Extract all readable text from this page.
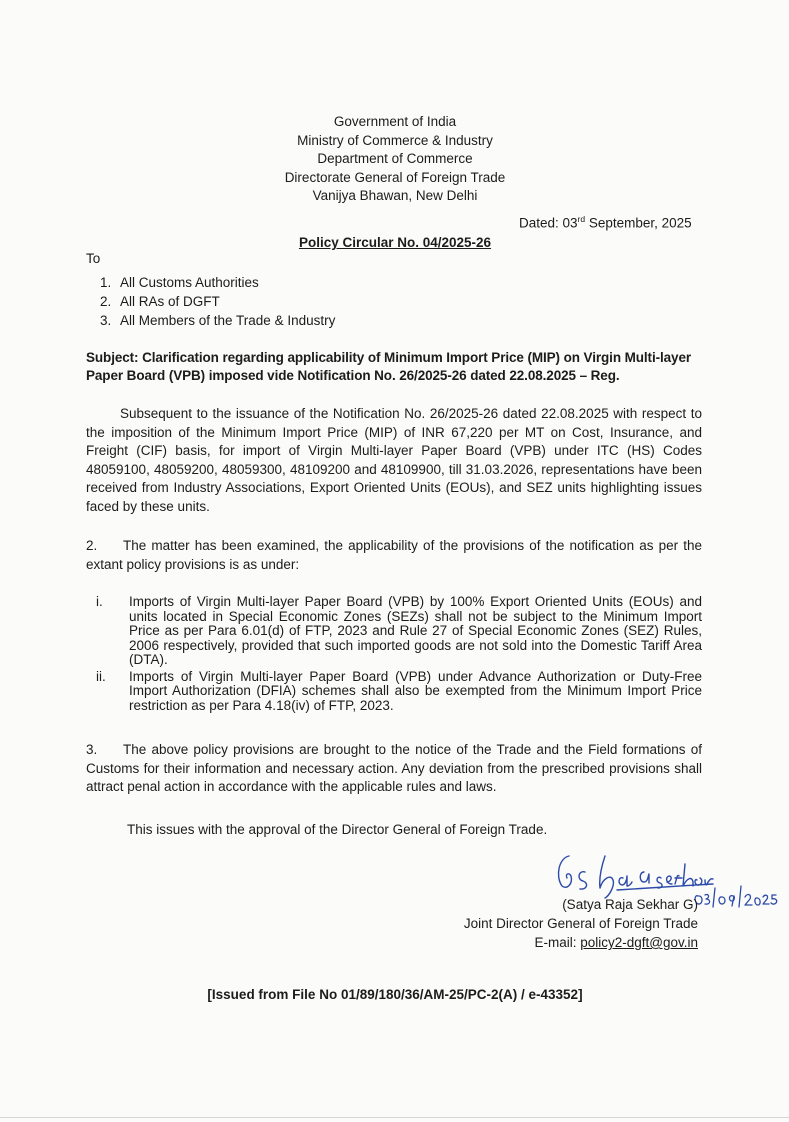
Government of India
Ministry of Commerce & Industry
Department of Commerce
Directorate General of Foreign Trade
Vanijya Bhawan, New Delhi
Dated: 03rd September, 2025
Policy Circular No. 04/2025-26
To
1. All Customs Authorities
2. All RAs of DGFT
3. All Members of the Trade & Industry
Subject: Clarification regarding applicability of Minimum Import Price (MIP) on Virgin Multi-layer Paper Board (VPB) imposed vide Notification No. 26/2025-26 dated 22.08.2025 – Reg.
Subsequent to the issuance of the Notification No. 26/2025-26 dated 22.08.2025 with respect to the imposition of the Minimum Import Price (MIP) of INR 67,220 per MT on Cost, Insurance, and Freight (CIF) basis, for import of Virgin Multi-layer Paper Board (VPB) under ITC (HS) Codes 48059100, 48059200, 48059300, 48109200 and 48109900, till 31.03.2026, representations have been received from Industry Associations, Export Oriented Units (EOUs), and SEZ units highlighting issues faced by these units.
2. The matter has been examined, the applicability of the provisions of the notification as per the extant policy provisions is as under:
i.	Imports of Virgin Multi-layer Paper Board (VPB) by 100% Export Oriented Units (EOUs) and units located in Special Economic Zones (SEZs) shall not be subject to the Minimum Import Price as per Para 6.01(d) of FTP, 2023 and Rule 27 of Special Economic Zones (SEZ) Rules, 2006 respectively, provided that such imported goods are not sold into the Domestic Tariff Area (DTA).
ii.	Imports of Virgin Multi-layer Paper Board (VPB) under Advance Authorization or Duty-Free Import Authorization (DFIA) schemes shall also be exempted from the Minimum Import Price restriction as per Para 4.18(iv) of FTP, 2023.
3. The above policy provisions are brought to the notice of the Trade and the Field formations of Customs for their information and necessary action. Any deviation from the prescribed provisions shall attract penal action in accordance with the applicable rules and laws.
This issues with the approval of the Director General of Foreign Trade.
(Satya Raja Sekhar G)
Joint Director General of Foreign Trade
E-mail: policy2-dgft@gov.in
[Issued from File No 01/89/180/36/AM-25/PC-2(A) / e-43352]
